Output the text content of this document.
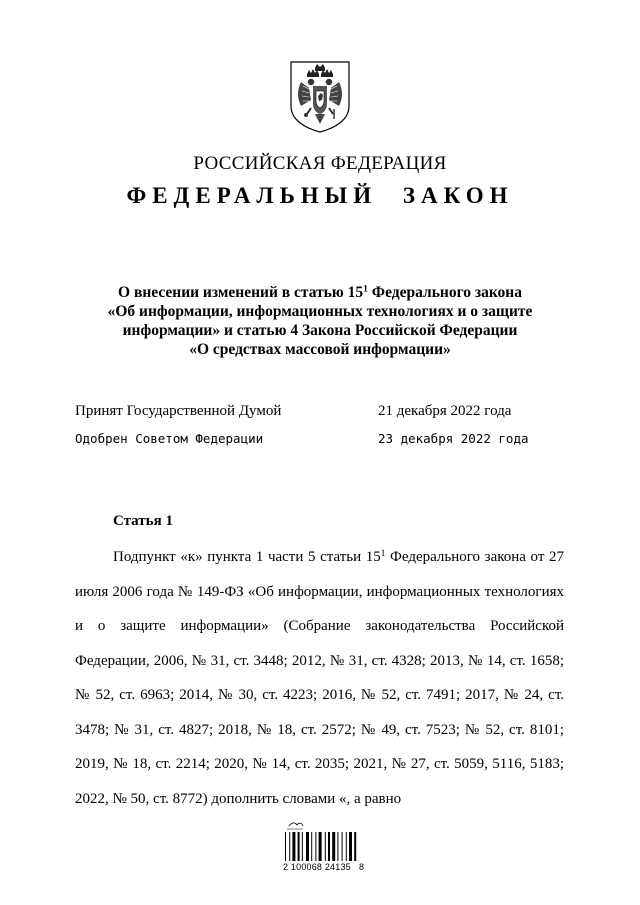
РОССИЙСКАЯ ФЕДЕРАЦИЯ
ФЕДЕРАЛЬНЫЙ ЗАКОН
О внесении изменений в статью $15^1$ Федерального закона
«Об информации, информационных технологиях и о защите
информации» и статью 4 Закона Российской Федерации
«О средствах массовой информации»
Принят Государственной Думой	21 декабря 2022 года
Одобрен Советом Федерации	23 декабря 2022 года
Статья 1
Подпункт «к» пункта 1 части 5 статьи $15^1$ Федерального закона от 27 июля 2006 года № 149-ФЗ «Об информации, информационных технологиях и о защите информации» (Собрание законодательства Российской Федерации, 2006, № 31, ст. 3448; 2012, № 31, ст. 4328; 2013, № 14, ст. 1658; № 52, ст. 6963; 2014, № 30, ст. 4223; 2016, № 52, ст. 7491; 2017, № 24, ст. 3478; № 31, ст. 4827; 2018, № 18, ст. 2572; № 49, ст. 7523; № 52, ст. 8101; 2019, № 18, ст. 2214; 2020, № 14, ст. 2035; 2021, № 27, ст. 5059, 5116, 5183; 2022, № 50, ст. 8772) дополнить словами «, а равно
2 100068 24135   8
